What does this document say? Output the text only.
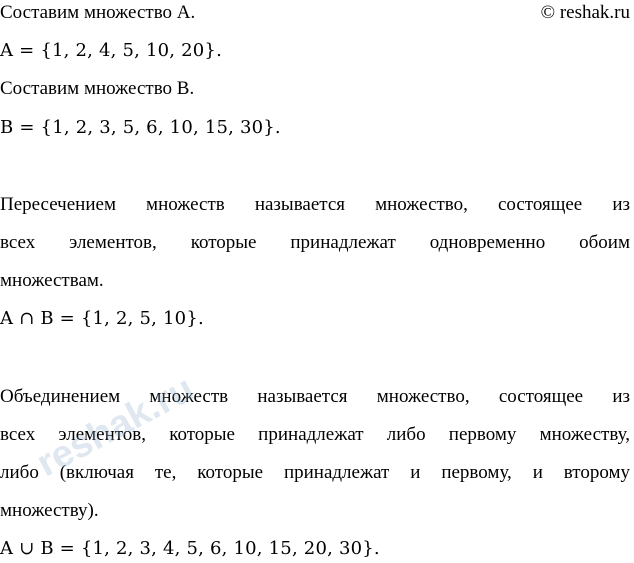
Составим множество A.	© reshak.ru
A = {1, 2, 4, 5, 10, 20}.
Составим множество B.
B = {1, 2, 3, 5, 6, 10, 15, 30}.
Пересечением множеств называется множество, состоящее из
всех элементов, которые принадлежат одновременно обоим
множествам.
A ∩ B = {1, 2, 5, 10}.
Объединением множеств называется множество, состоящее из
всех элементов, которые принадлежат либо первому множеству,
либо (включая те, которые принадлежат и первому, и второму
множеству).
A ∪ B = {1, 2, 3, 4, 5, 6, 10, 15, 20, 30}.
reshak.ru
